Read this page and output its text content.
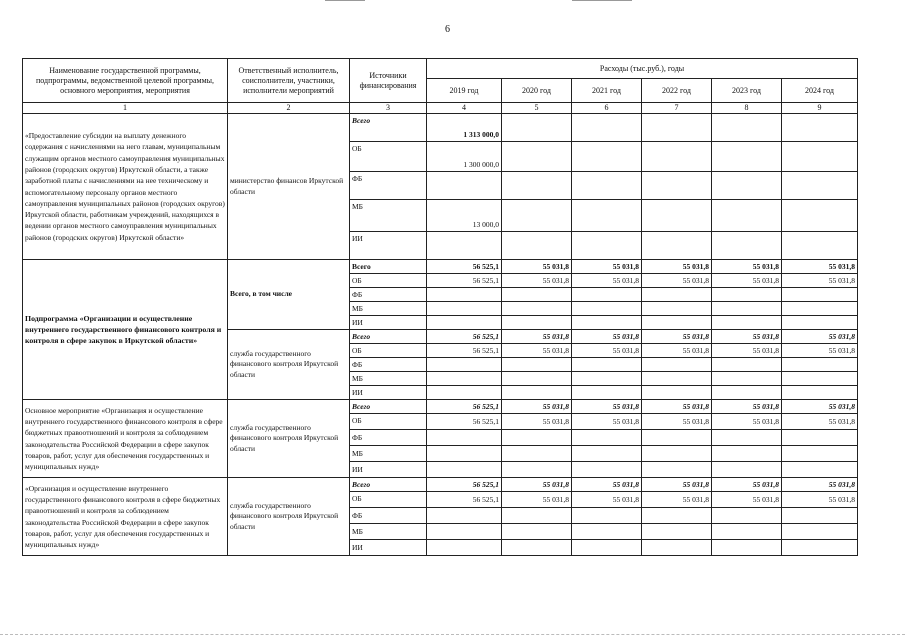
6
Наименование государственной программы, подпрограммы, ведомственной целевой программы, основного мероприятия, мероприятия	Ответственный исполнитель, соисполнители, участники, исполнители мероприятий	Источники финансирования	Расходы (тыс.руб.), годы					
			2019 год	2020 год	2021 год	2022 год	2023 год	2024 год
1	2	3	4	5	6	7	8	9
«Предоставление субсидии на выплату денежного содержания с начислениями на него главам, муниципальным служащим органов местного самоуправления муниципальных районов (городских округов) Иркутской области, а также заработной платы с начислениями на нее техническому и вспомогательному персоналу органов местного самоуправления муниципальных районов (городских округов) Иркутской области, работникам учреждений, находящихся в ведении органов местного самоуправления муниципальных районов (городских округов) Иркутской области»	министерство финансов Иркутской области	Всего	1 313 000,0					
		ОБ	1 300 000,0					
		ФБ						
		МБ	13 000,0					
		ИИ						
Подпрограмма «Организации и осуществление внутреннего государственного финансового контроля и контроля в сфере закупок в Иркутской области»	Всего, в том числе	Всего	56 525,1	55 031,8	55 031,8	55 031,8	55 031,8	55 031,8
		ОБ	56 525,1	55 031,8	55 031,8	55 031,8	55 031,8	55 031,8
		ФБ						
		МБ						
		ИИ						
	служба государственного финансового контроля Иркутской области	Всего	56 525,1	55 031,8	55 031,8	55 031,8	55 031,8	55 031,8
		ОБ	56 525,1	55 031,8	55 031,8	55 031,8	55 031,8	55 031,8
		ФБ						
		МБ						
		ИИ						
Основное мероприятие «Организация и осуществление внутреннего государственного финансового контроля в сфере бюджетных правоотношений и контроля за соблюдением законодательства Российской Федерации в сфере закупок товаров, работ, услуг для обеспечения государственных и муниципальных нужд»	служба государственного финансового контроля Иркутской области	Всего	56 525,1	55 031,8	55 031,8	55 031,8	55 031,8	55 031,8
		ОБ	56 525,1	55 031,8	55 031,8	55 031,8	55 031,8	55 031,8
		ФБ						
		МБ						
		ИИ						
«Организация и осуществление внутреннего государственного финансового контроля в сфере бюджетных правоотношений и контроля за соблюдением законодательства Российской Федерации в сфере закупок товаров, работ, услуг для обеспечения государственных и муниципальных нужд»	служба государственного финансового контроля Иркутской области	Всего	56 525,1	55 031,8	55 031,8	55 031,8	55 031,8	55 031,8
		ОБ	56 525,1	55 031,8	55 031,8	55 031,8	55 031,8	55 031,8
		ФБ						
		МБ						
		ИИ						
